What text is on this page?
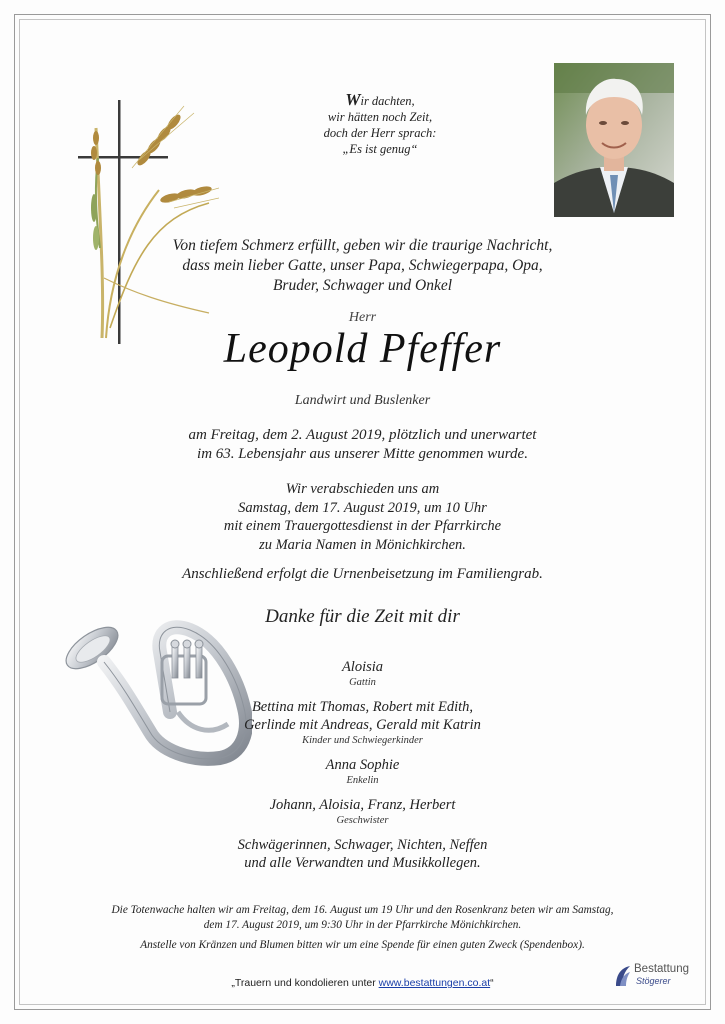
Wir dachten,
wir hätten noch Zeit,
doch der Herr sprach:
„Es ist genug“
Von tiefem Schmerz erfüllt, geben wir die traurige Nachricht,
dass mein lieber Gatte, unser Papa, Schwiegerpapa, Opa,
Bruder, Schwager und Onkel
Herr
Leopold Pfeffer
Landwirt und Buslenker
am Freitag, dem 2. August 2019, plötzlich und unerwartet
im 63. Lebensjahr aus unserer Mitte genommen wurde.
Wir verabschieden uns am
Samstag, dem 17. August 2019, um 10 Uhr
mit einem Trauergottesdienst in der Pfarrkirche
zu Maria Namen in Mönichkirchen.
Anschließend erfolgt die Urnenbeisetzung im Familiengrab.
Danke für die Zeit mit dir
Aloisia
Gattin
Bettina mit Thomas, Robert mit Edith,
Gerlinde mit Andreas, Gerald mit Katrin
Kinder und Schwiegerkinder
Anna Sophie
Enkelin
Johann, Aloisia, Franz, Herbert
Geschwister
Schwägerinnen, Schwager, Nichten, Neffen
und alle Verwandten und Musikkollegen.
Die Totenwache halten wir am Freitag, dem 16. August um 19 Uhr und den Rosenkranz beten wir am Samstag,
dem 17. August 2019, um 9:30 Uhr in der Pfarrkirche Mönichkirchen.
Anstelle von Kränzen und Blumen bitten wir um eine Spende für einen guten Zweck (Spendenbox).
„Trauern und kondolieren unter www.bestattungen.co.at“
Bestattung
Stögerer
